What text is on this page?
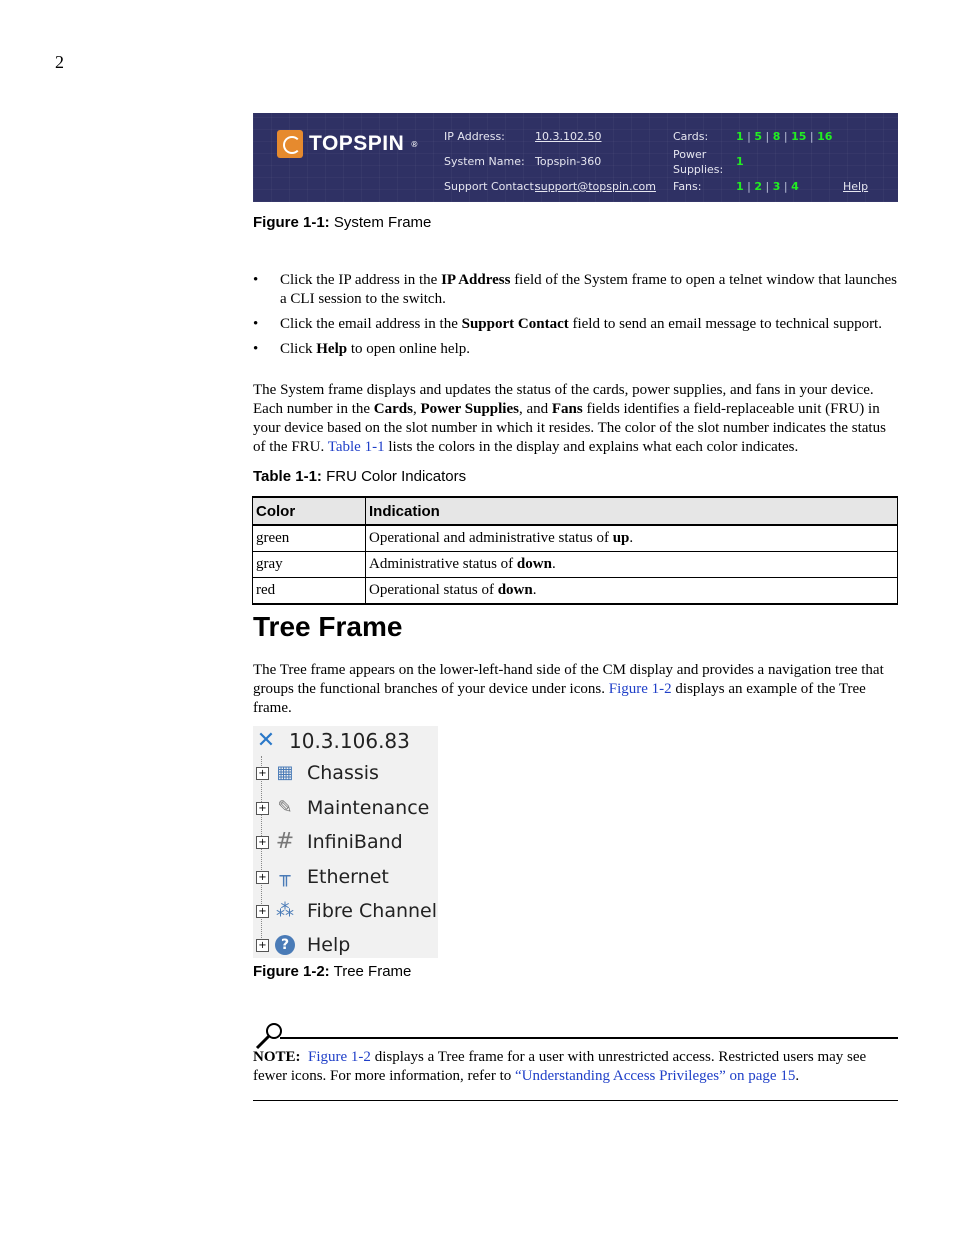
2
TOPSPIN ®
IP Address:	10.3.102.50
System Name: Topspin-360
Support Contact:
support@topspin.com
Cards:	1 | 5 | 8 | 15 | 16
Power
Supplies:
1
Fans:	1 | 2 | 3 | 4	Help
Figure 1-1: System Frame
•	Click the IP address in the IP Address field of the System frame to open a telnet window that launches a CLI session to the switch.
•	Click the email address in the Support Contact field to send an email message to technical support.
•	Click Help to open online help.
The System frame displays and updates the status of the cards, power supplies, and fans in your device. Each number in the Cards, Power Supplies, and Fans fields identifies a field-replaceable unit (FRU) in your device based on the slot number in which it resides. The color of the slot number indicates the status of the FRU. Table 1-1 lists the colors in the display and explains what each color indicates.
Table 1-1: FRU Color Indicators
Color	Indication
green	Operational and administrative status of up.
gray	Administrative status of down.
red	Operational status of down.
Tree Frame
The Tree frame appears on the lower-left-hand side of the CM display and provides a navigation tree that groups the functional branches of your device under icons. Figure 1-2 displays an example of the Tree frame.
✕ 10.3.106.83
+ ▦ Chassis
+ ✎ Maintenance
+ # InfiniBand
+ ╥ Ethernet
+ ⁂ Fibre Channel
+	? Help
Figure 1-2: Tree Frame
NOTE: Figure 1-2 displays a Tree frame for a user with unrestricted access. Restricted users may see fewer icons. For more information, refer to “Understanding Access Privileges” on page 15.
